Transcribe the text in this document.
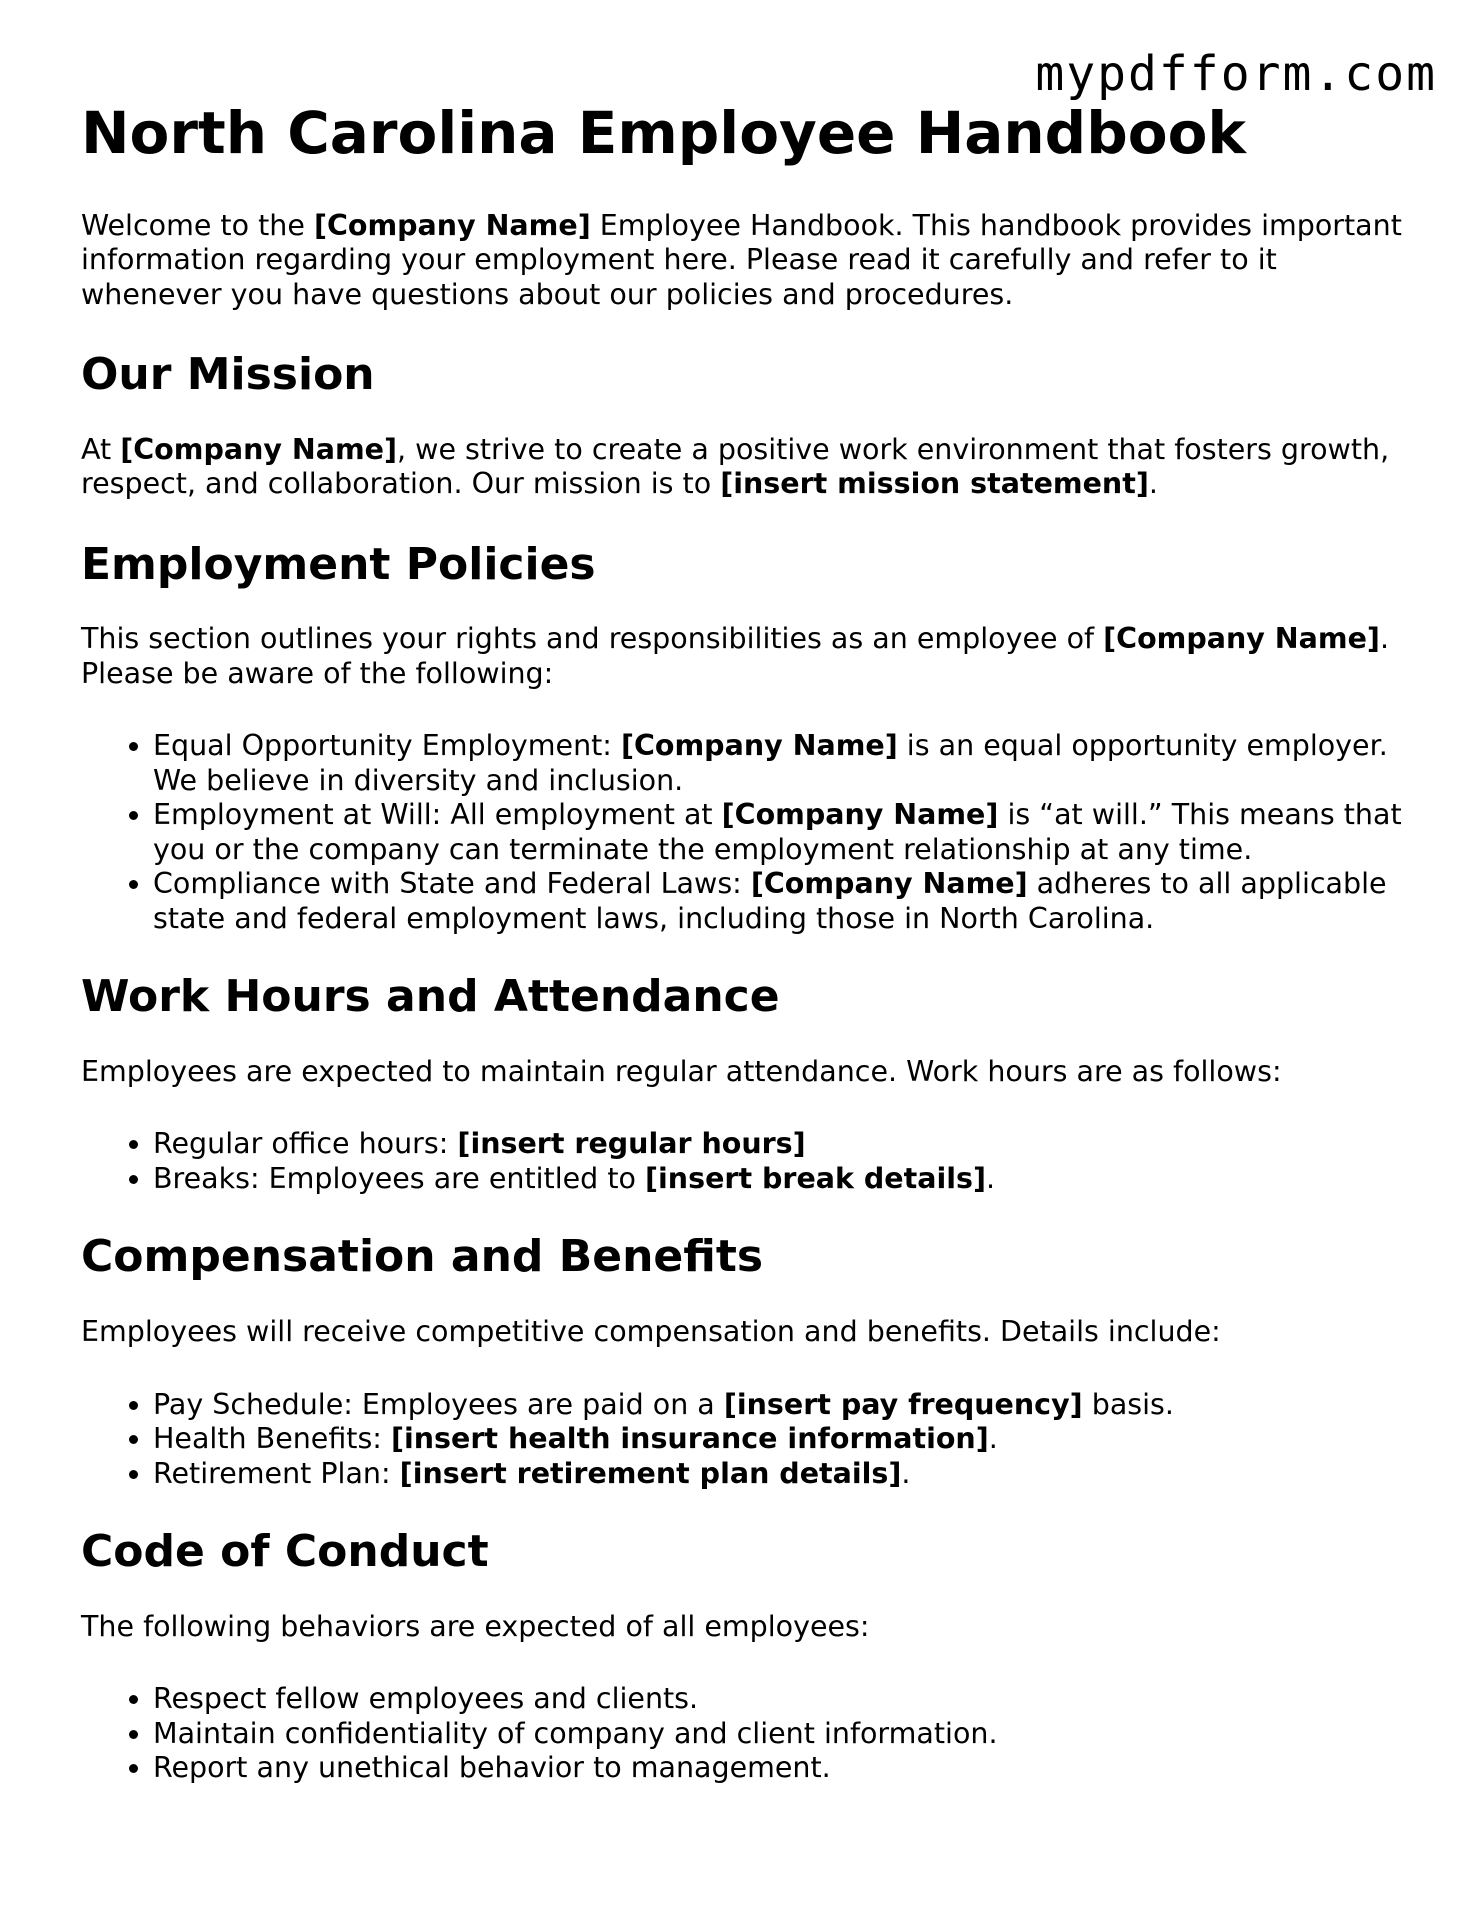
mypdfform.com
North Carolina Employee Handbook

Welcome to the [Company Name] Employee Handbook. This handbook provides important information regarding your employment here. Please read it carefully and refer to it whenever you have questions about our policies and procedures.

Our Mission

At [Company Name], we strive to create a positive work environment that fosters growth, respect, and collaboration. Our mission is to [insert mission statement].

Employment Policies

This section outlines your rights and responsibilities as an employee of [Company Name]. Please be aware of the following:

• Equal Opportunity Employment: [Company Name] is an equal opportunity employer. We believe in diversity and inclusion.
• Employment at Will: All employment at [Company Name] is “at will.” This means that you or the company can terminate the employment relationship at any time.
• Compliance with State and Federal Laws: [Company Name] adheres to all applicable state and federal employment laws, including those in North Carolina.
Work Hours and Attendance

Employees are expected to maintain regular attendance. Work hours are as follows:

• Regular office hours: [insert regular hours]
• Breaks: Employees are entitled to [insert break details].
Compensation and Benefits

Employees will receive competitive compensation and benefits. Details include:

• Pay Schedule: Employees are paid on a [insert pay frequency] basis.
• Health Benefits: [insert health insurance information].
• Retirement Plan: [insert retirement plan details].
Code of Conduct

The following behaviors are expected of all employees:

• Respect fellow employees and clients.
• Maintain confidentiality of company and client information.
• Report any unethical behavior to management.
